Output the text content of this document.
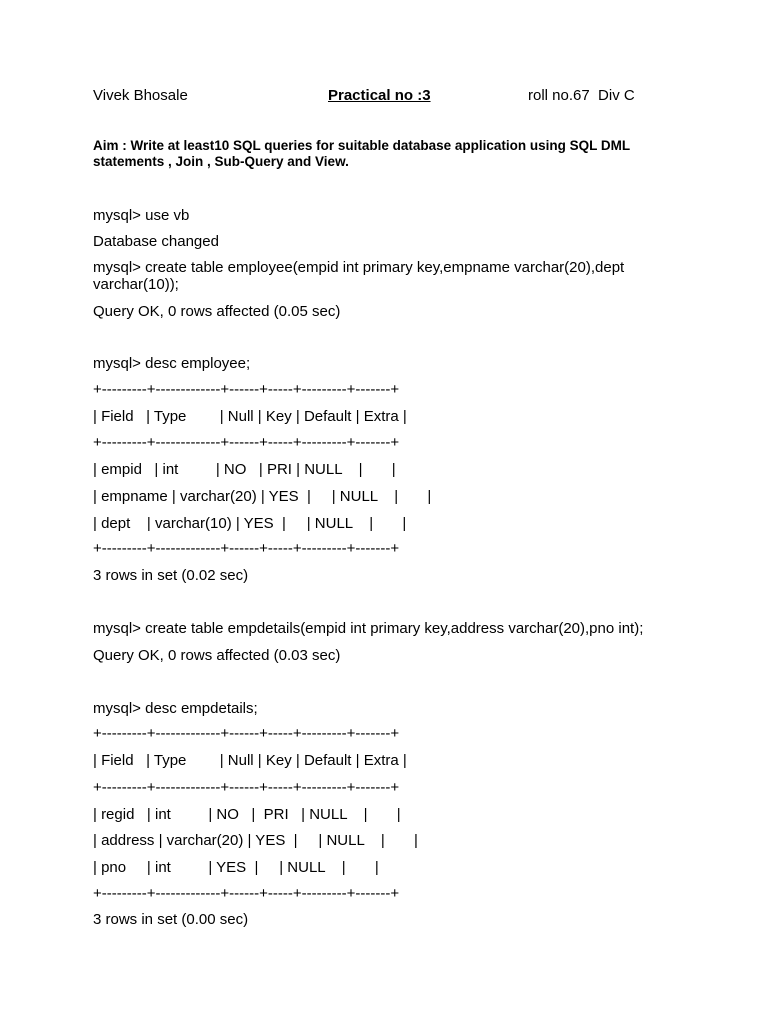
Vivek Bhosale	Practical no :3	roll no.67  Div C
Aim : Write at least10 SQL queries for suitable database application using SQL DML statements , Join , Sub-Query and View.
mysql> use vb
Database changed
mysql> create table employee(empid int primary key,empname varchar(20),dept varchar(10));
Query OK, 0 rows affected (0.05 sec)
mysql> desc employee;
+---------+-------------+------+-----+---------+-------+
| Field   | Type        | Null | Key | Default | Extra |
+---------+-------------+------+-----+---------+-------+
| empid   | int         | NO   | PRI | NULL    |       |
| empname | varchar(20) | YES  |     | NULL    |       |
| dept    | varchar(10) | YES  |     | NULL    |       |
+---------+-------------+------+-----+---------+-------+
3 rows in set (0.02 sec)
mysql> create table empdetails(empid int primary key,address varchar(20),pno int);
Query OK, 0 rows affected (0.03 sec)
mysql> desc empdetails;
+---------+-------------+------+-----+---------+-------+
| Field   | Type        | Null | Key | Default | Extra |
+---------+-------------+------+-----+---------+-------+
| regid   | int         | NO   |  PRI   | NULL    |       |
| address | varchar(20) | YES  |     | NULL    |       |
| pno     | int         | YES  |     | NULL    |       |
+---------+-------------+------+-----+---------+-------+
3 rows in set (0.00 sec)
